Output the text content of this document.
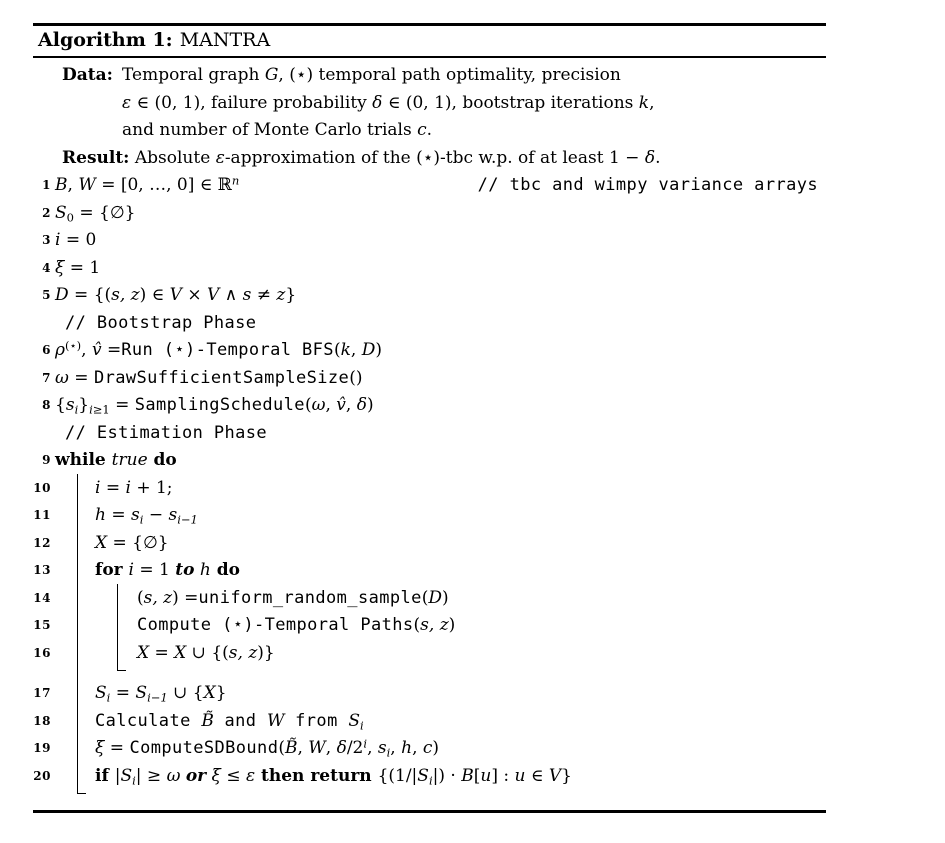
Algorithm 1: MANTRA
Data: Temporal graph G, (⋆) temporal path optimality, precision
ε ∈ (0, 1), failure probability δ ∈ (0, 1), bootstrap iterations k,
and number of Monte Carlo trials c.
Result: Absolute ε-approximation of the (⋆)-tbc w.p. of at least 1 − δ.
1 B, W = [0, …, 0] ∈ ℝ$^n$	// tbc and wimpy variance arrays
2 $S_0$ = {∅}
3 i = 0
4 ξ = 1
5 D = {(s, z) ∈ V × V ∧ s ≠ z}
// Bootstrap Phase
6 ρ(⋆), v̂ =Run (⋆)-Temporal BFS(k, D)
7 ω = DrawSufficientSampleSize()
8 $\{s_i\}_{i\ge 1}$ = SamplingSchedule(ω, v̂, δ)
// Estimation Phase
9 while true do
10	i = i + 1;
11	$h = s_i - s_{i-1}$
12	X = {∅}
13	for i = 1 to h do
14	(s, z) =uniform_random_sample(D)
15	Compute (⋆)-Temporal Paths(s, z)
16	X = X ∪ {(s, z)}
17	$S_i = S_{i-1}$ ∪ {X}
18	Calculate B̃ and W from $S_i$
19	ξ = ComputeSDBound(B̃, W, δ/2$^i$, $s_i$, h, c)
20	if $|S_i| \ge \omega$ or ξ ≤ ε then return {$(1/|S_i|) \cdot B[u]$ : u ∈ V}
